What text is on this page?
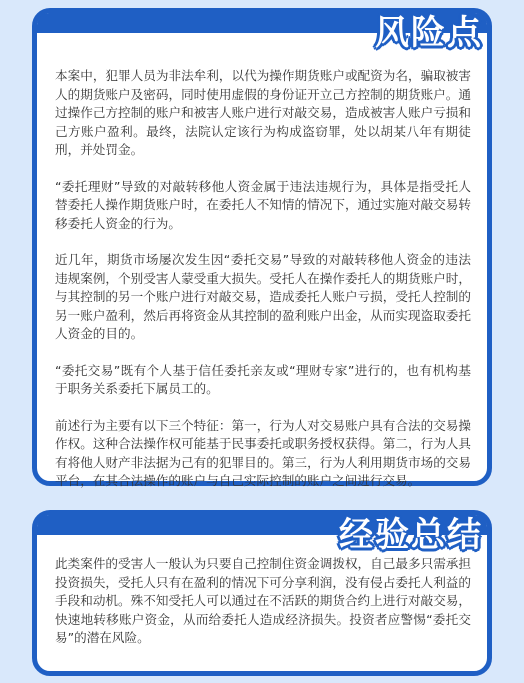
风险点

本案中，犯罪人员为非法牟利，以代为操作期货账户或配资为名，骗取被害人的期货账户及密码，同时使用虚假的身份证开立己方控制的期货账户。通过操作己方控制的账户和被害人账户进行对敲交易，造成被害人账户亏损和己方账户盈利。最终，法院认定该行为构成盗窃罪，处以胡某八年有期徒刑，并处罚金。

“委托理财”导致的对敲转移他人资金属于违法违规行为，具体是指受托人替委托人操作期货账户时，在委托人不知情的情况下，通过实施对敲交易转移委托人资金的行为。

近几年，期货市场屡次发生因“委托交易”导致的对敲转移他人资金的违法违规案例，个别受害人蒙受重大损失。受托人在操作委托人的期货账户时，与其控制的另一个账户进行对敲交易，造成委托人账户亏损，受托人控制的另一账户盈利，然后再将资金从其控制的盈利账户出金，从而实现盗取委托人资金的目的。

“委托交易”既有个人基于信任委托亲友或“理财专家”进行的，也有机构基于职务关系委托下属员工的。

前述行为主要有以下三个特征：第一，行为人对交易账户具有合法的交易操作权。这种合法操作权可能基于民事委托或职务授权获得。第二，行为人具有将他人财产非法据为己有的犯罪目的。第三，行为人利用期货市场的交易平台，在其合法操作的账户与自己实际控制的账户之间进行交易。

经验总结

此类案件的受害人一般认为只要自己控制住资金调拨权，自己最多只需承担投资损失，受托人只有在盈利的情况下可分享利润，没有侵占委托人利益的手段和动机。殊不知受托人可以通过在不活跃的期货合约上进行对敲交易，快速地转移账户资金，从而给委托人造成经济损失。投资者应警惕“委托交易”的潜在风险。
